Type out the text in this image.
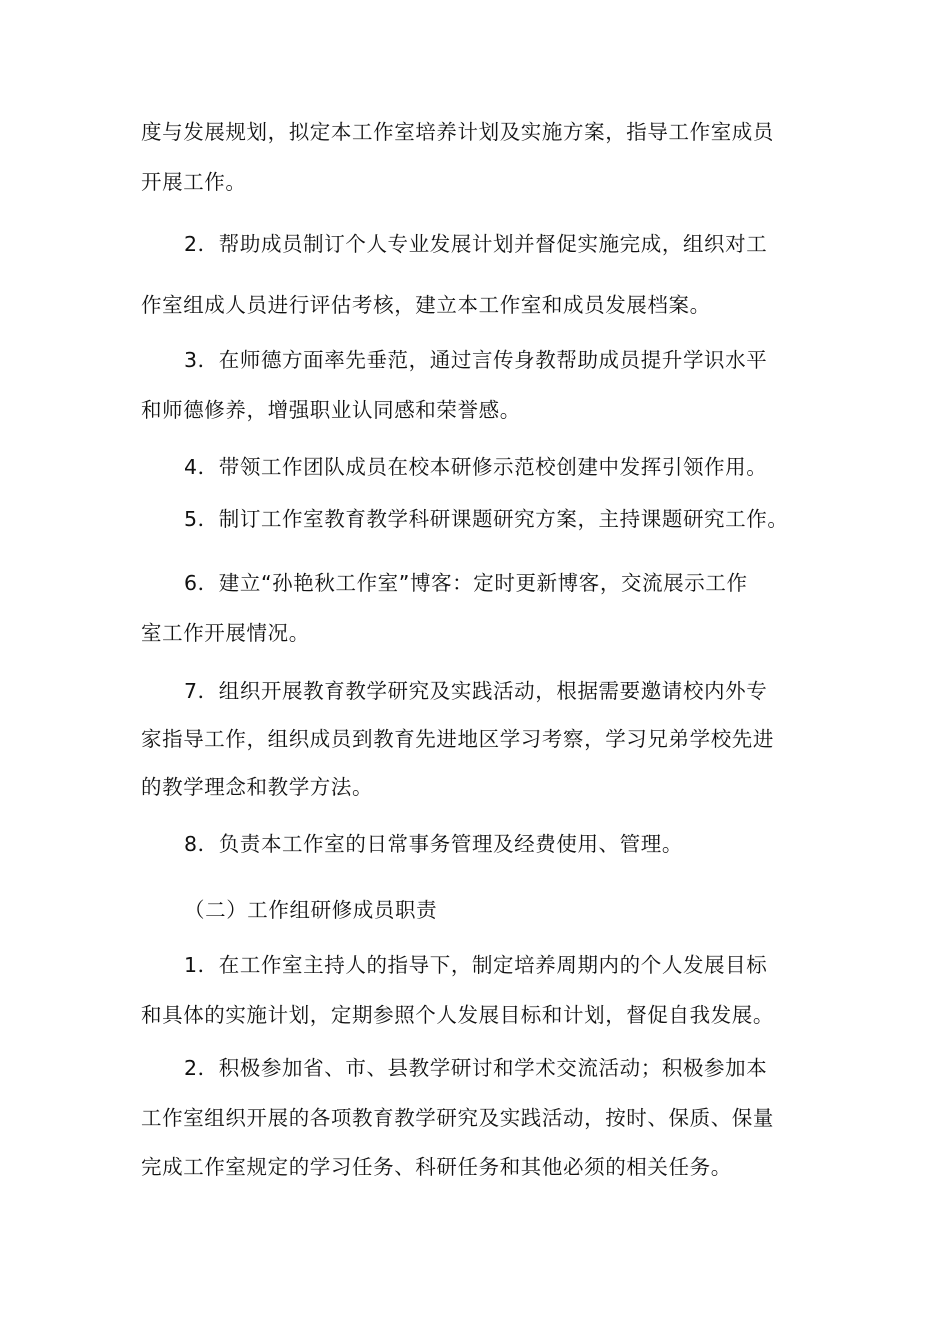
度与发展规划，拟定本工作室培养计划及实施方案，指导工作室成员
开展工作。
2．帮助成员制订个人专业发展计划并督促实施完成，组织对工
作室组成人员进行评估考核，建立本工作室和成员发展档案。
3．在师德方面率先垂范，通过言传身教帮助成员提升学识水平
和师德修养，增强职业认同感和荣誉感。
4．带领工作团队成员在校本研修示范校创建中发挥引领作用。
5．制订工作室教育教学科研课题研究方案，主持课题研究工作。
6．建立“孙艳秋工作室”博客：定时更新博客，交流展示工作
室工作开展情况。
7．组织开展教育教学研究及实践活动，根据需要邀请校内外专
家指导工作，组织成员到教育先进地区学习考察，学习兄弟学校先进
的教学理念和教学方法。
8．负责本工作室的日常事务管理及经费使用、管理。
（二）工作组研修成员职责
1．在工作室主持人的指导下，制定培养周期内的个人发展目标
和具体的实施计划，定期参照个人发展目标和计划，督促自我发展。
2．积极参加省、市、县教学研讨和学术交流活动；积极参加本
工作室组织开展的各项教育教学研究及实践活动，按时、保质、保量
完成工作室规定的学习任务、科研任务和其他必须的相关任务。
